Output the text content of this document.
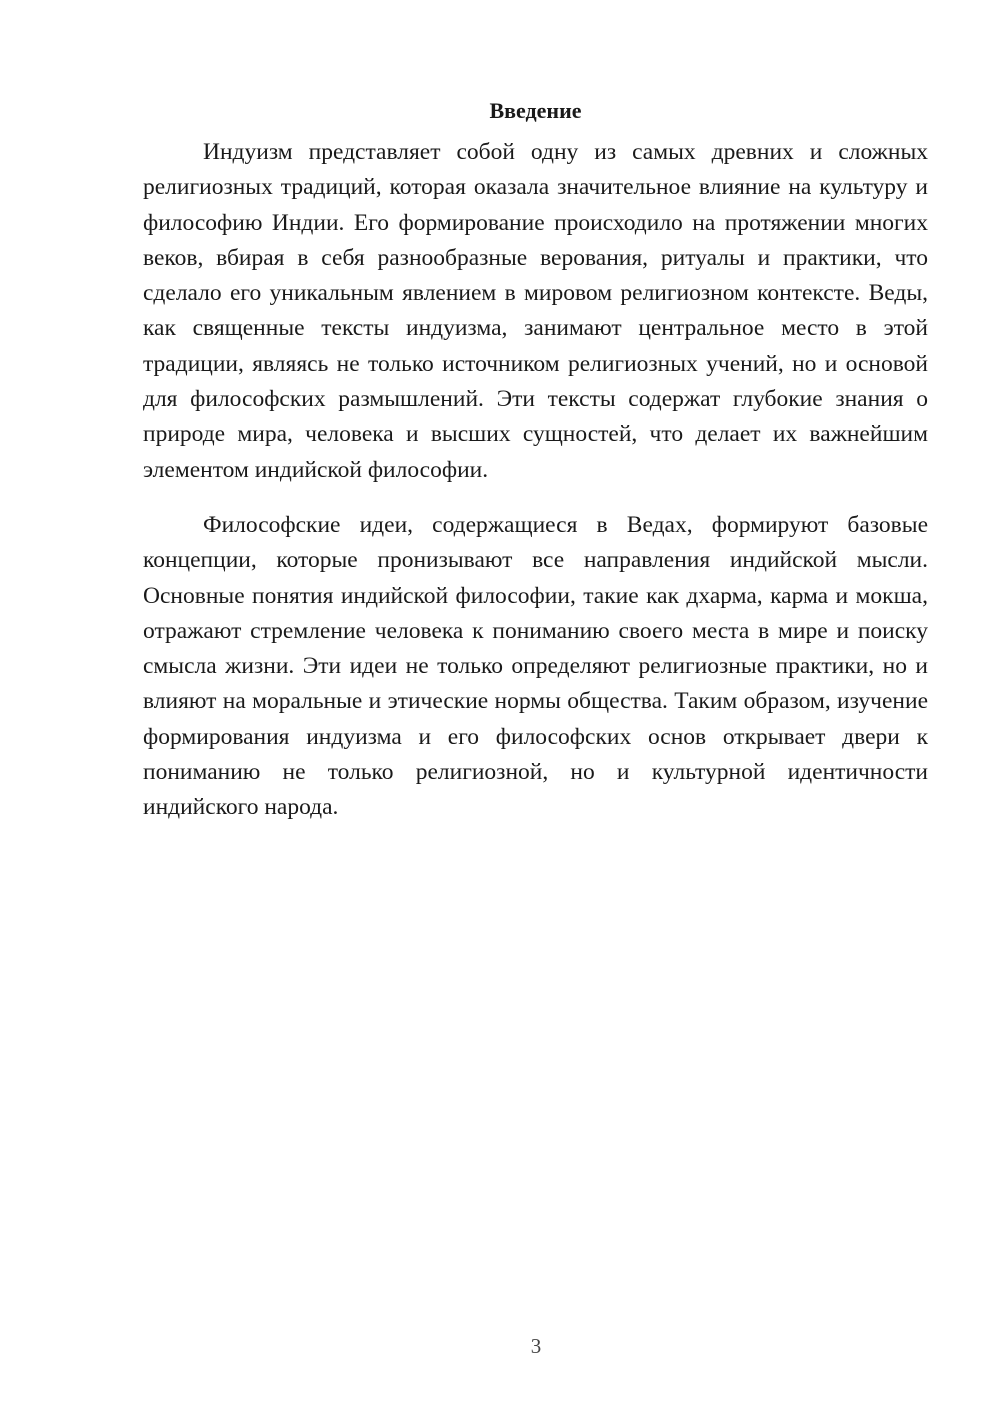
Введение

Индуизм представляет собой одну из самых древних и сложных религиозных традиций, которая оказала значительное влияние на культуру и философию Индии. Его формирование происходило на протяжении многих веков, вбирая в себя разнообразные верования, ритуалы и практики, что сделало его уникальным явлением в мировом религиозном контексте. Веды, как священные тексты индуизма, занимают центральное место в этой традиции, являясь не только источником религиозных учений, но и основой для философских размышлений. Эти тексты содержат глубокие знания о природе мира, человека и высших сущностей, что делает их важнейшим элементом индийской философии.

Философские идеи, содержащиеся в Ведах, формируют базовые концепции, которые пронизывают все направления индийской мысли. Основные понятия индийской философии, такие как дхарма, карма и мокша, отражают стремление человека к пониманию своего места в мире и поиску смысла жизни. Эти идеи не только определяют религиозные практики, но и влияют на моральные и этические нормы общества. Таким образом, изучение формирования индуизма и его философских основ открывает двери к пониманию не только религиозной, но и культурной идентичности индийского народа.

3
